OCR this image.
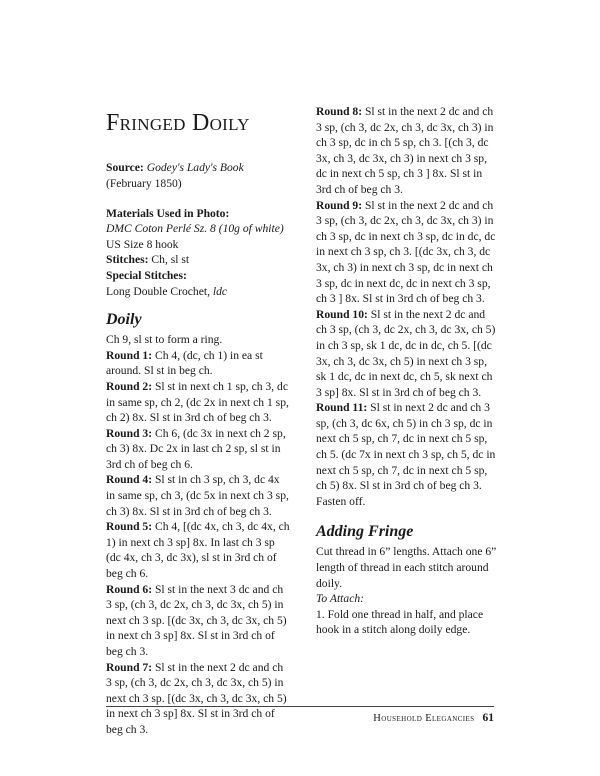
Fringed Doily

Source: Godey's Lady's Book

(February 1850)

Materials Used in Photo:

DMC Coton Perlé Sz. 8 (10g of white)

US Size 8 hook

Stitches: Ch, sl st

Special Stitches:

Long Double Crochet, ldc

Doily

Ch 9, sl st to form a ring.

Round 1: Ch 4, (dc, ch 1) in ea st around. Sl st in beg ch.

Round 2: Sl st in next ch 1 sp, ch 3, dc in same sp, ch 2, (dc 2x in next ch 1 sp, ch 2) 8x. Sl st in 3rd ch of beg ch 3.

Round 3: Ch 6, (dc 3x in next ch 2 sp, ch 3) 8x. Dc 2x in last ch 2 sp, sl st in 3rd ch of beg ch 6.

Round 4: Sl st in ch 3 sp, ch 3, dc 4x in same sp, ch 3, (dc 5x in next ch 3 sp, ch 3) 8x. Sl st in 3rd ch of beg ch 3.

Round 5: Ch 4, [(dc 4x, ch 3, dc 4x, ch 1) in next ch 3 sp] 8x. In last ch 3 sp (dc 4x, ch 3, dc 3x), sl st in 3rd ch of beg ch 6.

Round 6: Sl st in the next 3 dc and ch 3 sp, (ch 3, dc 2x, ch 3, dc 3x, ch 5) in next ch 3 sp. [(dc 3x, ch 3, dc 3x, ch 5) in next ch 3 sp] 8x. Sl st in 3rd ch of beg ch 3.

Round 7: Sl st in the next 2 dc and ch 3 sp, (ch 3, dc 2x, ch 3, dc 3x, ch 5) in next ch 3 sp. [(dc 3x, ch 3, dc 3x, ch 5) in next ch 3 sp] 8x. Sl st in 3rd ch of beg ch 3.

Round 8: Sl st in the next 2 dc and ch 3 sp, (ch 3, dc 2x, ch 3, dc 3x, ch 3) in ch 3 sp, dc in ch 5 sp, ch 3. [(ch 3, dc 3x, ch 3, dc 3x, ch 3) in next ch 3 sp, dc in next ch 5 sp, ch 3 ] 8x. Sl st in 3rd ch of beg ch 3.

Round 9: Sl st in the next 2 dc and ch 3 sp, (ch 3, dc 2x, ch 3, dc 3x, ch 3) in ch 3 sp, dc in next ch 3 sp, dc in dc, dc in next ch 3 sp, ch 3. [(dc 3x, ch 3, dc 3x, ch 3) in next ch 3 sp, dc in next ch 3 sp, dc in next dc, dc in next ch 3 sp, ch 3 ] 8x. Sl st in 3rd ch of beg ch 3.

Round 10: Sl st in the next 2 dc and ch 3 sp, (ch 3, dc 2x, ch 3, dc 3x, ch 5) in ch 3 sp, sk 1 dc, dc in dc, ch 5. [(dc 3x, ch 3, dc 3x, ch 5) in next ch 3 sp, sk 1 dc, dc in next dc, ch 5, sk next ch 3 sp] 8x. Sl st in 3rd ch of beg ch 3.

Round 11: Sl st in next 2 dc and ch 3 sp, (ch 3, dc 6x, ch 5) in ch 3 sp, dc in next ch 5 sp, ch 7, dc in next ch 5 sp, ch 5. (dc 7x in next ch 3 sp, ch 5, dc in next ch 5 sp, ch 7, dc in next ch 5 sp, ch 5) 8x. Sl st in 3rd ch of beg ch 3. Fasten off.

Adding Fringe

Cut thread in 6” lengths. Attach one 6” length of thread in each stitch around doily.

To Attach:

1. Fold one thread in half, and place hook in a stitch along doily edge.

Household Elegancies 61
